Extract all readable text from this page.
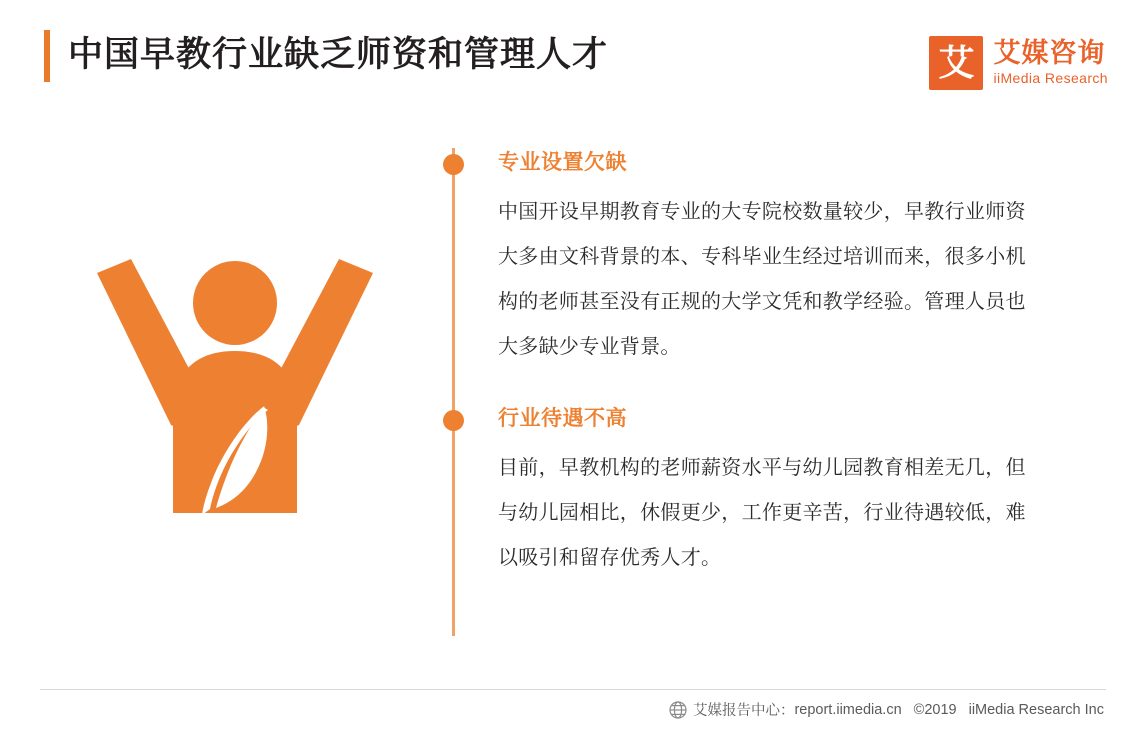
中国早教行业缺乏师资和管理人才	艾 艾媒咨询
iiMedia Research
专业设置欠缺

中国开设早期教育专业的大专院校数量较少，早教行业师资大多由文科背景的本、专科毕业生经过培训而来，很多小机构的老师甚至没有正规的大学文凭和教学经验。管理人员也大多缺少专业背景。

行业待遇不高

目前，早教机构的老师薪资水平与幼儿园教育相差无几，但与幼儿园相比，休假更少，工作更辛苦，行业待遇较低，难以吸引和留存优秀人才。

艾媒报告中心： report.iimedia.cn ©2019 iiMedia Research Inc
